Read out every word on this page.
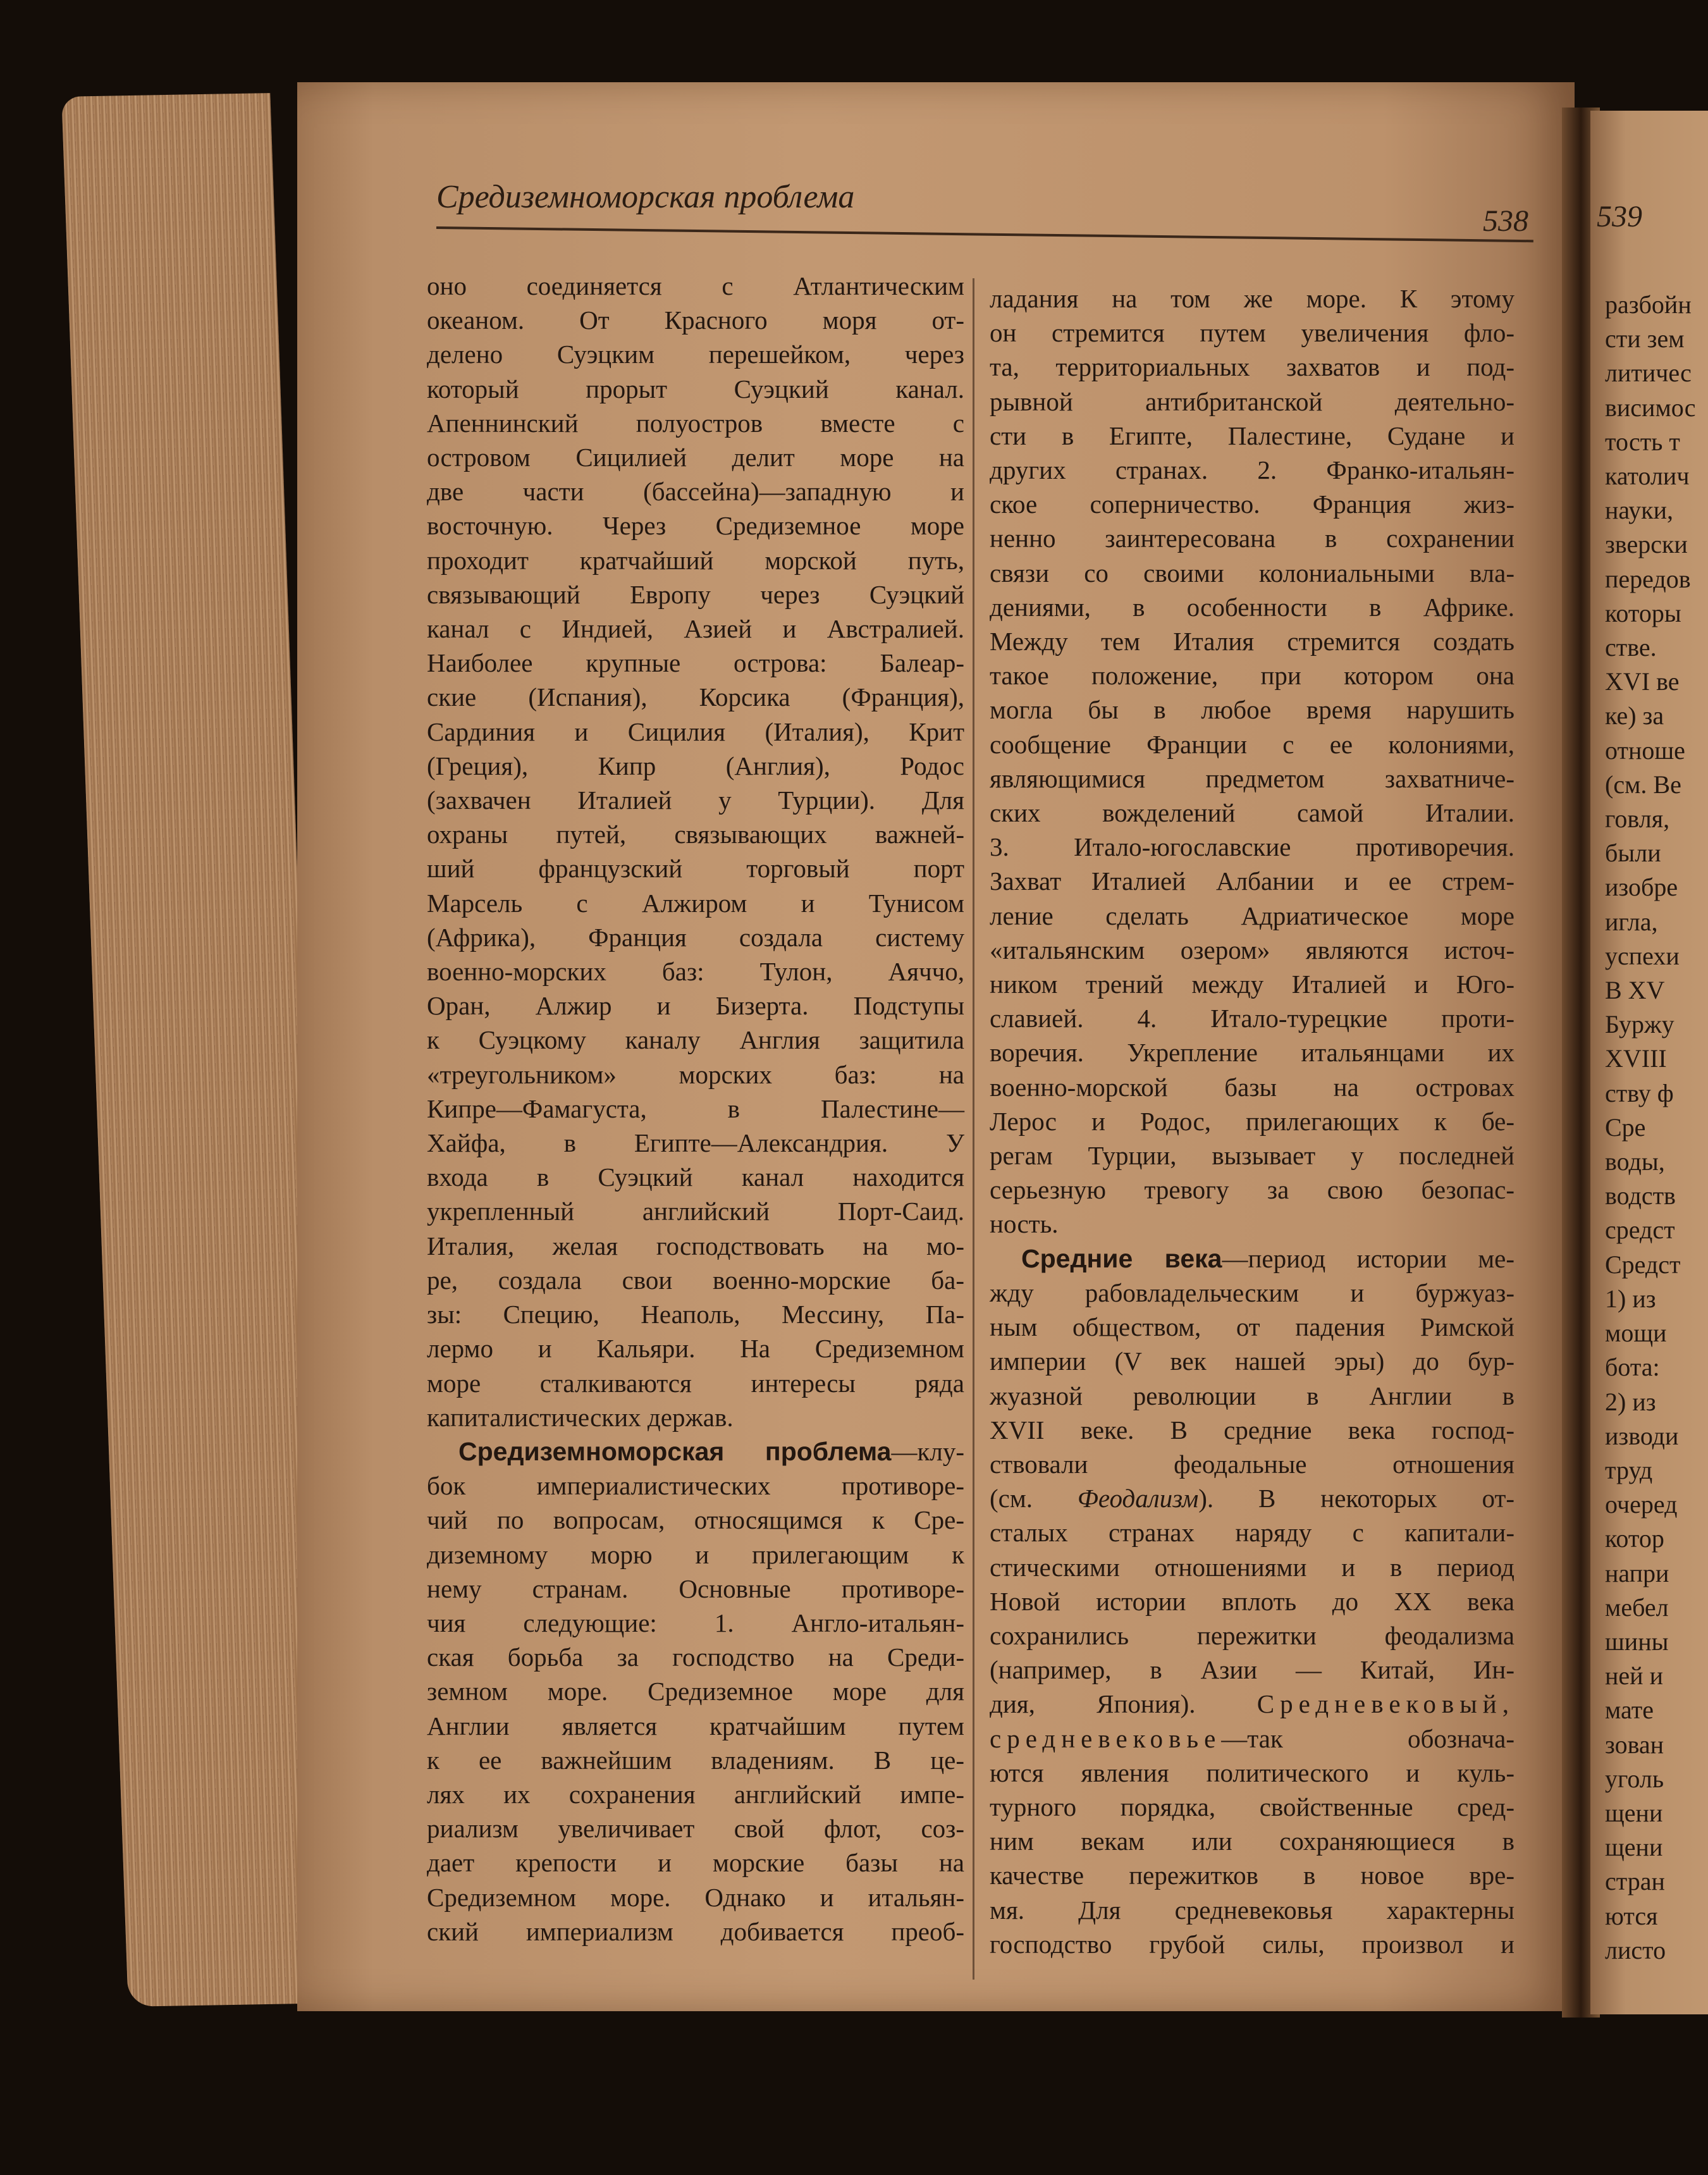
539
Средиземноморская проблема
538
оно соединяется с Атлантическим
океаном. От Красного моря от-
делено Суэцким перешейком, через
который прорыт Суэцкий канал.
Апеннинский полуостров вместе с
островом Сицилией делит море на
две части (бассейна)—западную и
восточную. Через Средиземное море
проходит кратчайший морской путь,
связывающий Европу через Суэцкий
канал с Индией, Азией и Австралией.
Наиболее крупные острова: Балеар-
ские (Испания), Корсика (Франция),
Сардиния и Сицилия (Италия), Крит
(Греция), Кипр (Англия), Родос
(захвачен Италией у Турции). Для
охраны путей, связывающих важней-
ший французский торговый порт
Марсель с Алжиром и Тунисом
(Африка), Франция создала систему
военно-морских баз: Тулон, Аяччо,
Оран, Алжир и Бизерта. Подступы
к Суэцкому каналу Англия защитила
«треугольником» морских баз: на
Кипре—Фамагуста, в Палестине—
Хайфа, в Египте—Александрия. У
входа в Суэцкий канал находится
укрепленный английский Порт-Саид.
Италия, желая господствовать на мо-
ре, создала свои военно-морские ба-
зы: Специю, Неаполь, Мессину, Па-
лермо и Кальяри. На Средиземном
море сталкиваются интересы ряда
капиталистических держав.
Средиземноморская проблема—клу-
бок империалистических противоре-
чий по вопросам, относящимся к Сре-
диземному морю и прилегающим к
нему странам. Основные противоре-
чия следующие: 1. Англо-итальян-
ская борьба за господство на Среди-
земном море. Средиземное море для
Англии является кратчайшим путем
к ее важнейшим владениям. В це-
лях их сохранения английский импе-
риализм увеличивает свой флот, соз-
дает крепости и морские базы на
Средиземном море. Однако и итальян-
ский империализм добивается преоб-
ладания на том же море. К этому
он стремится путем увеличения фло-
та, территориальных захватов и под-
рывной антибританской деятельно-
сти в Египте, Палестине, Судане и
других странах. 2. Франко-итальян-
ское соперничество. Франция жиз-
ненно заинтересована в сохранении
связи со своими колониальными вла-
дениями, в особенности в Африке.
Между тем Италия стремится создать
такое положение, при котором она
могла бы в любое время нарушить
сообщение Франции с ее колониями,
являющимися предметом захватниче-
ских вожделений самой Италии.
3. Итало-югославские противоречия.
Захват Италией Албании и ее стрем-
ление сделать Адриатическое море
«итальянским озером» являются источ-
ником трений между Италией и Юго-
славией. 4. Итало-турецкие проти-
воречия. Укрепление итальянцами их
военно-морской базы на островах
Лерос и Родос, прилегающих к бе-
регам Турции, вызывает у последней
серьезную тревогу за свою безопас-
ность.
Средние века—период истории ме-
жду рабовладельческим и буржуаз-
ным обществом, от падения Римской
империи (V век нашей эры) до бур-
жуазной революции в Англии в
XVII веке. В средние века господ-
ствовали феодальные отношения
(см. Феодализм). В некоторых от-
сталых странах наряду с капитали-
стическими отношениями и в период
Новой истории вплоть до XX века
сохранились пережитки феодализма
(например, в Азии — Китай, Ин-
дия, Япония). Средневековый,
средневековье—так обознача-
ются явления политического и куль-
турного порядка, свойственные сред-
ним векам или сохраняющиеся в
качестве пережитков в новое вре-
мя. Для средневековья характерны
господство грубой силы, произвол и
разбойн
сти зем
литичес
висимос
тость т
католич
науки,
зверски
передов
которы
стве.
XVI ве
ке) за
отноше
(см. Ве
говля,
были
изобре
игла,
успехи
В XV
Буржу
XVIII
ству ф
Сре
воды,
водств
средст
Средст
1) из
мощи
бота:
2) из
изводи
труд
очеред
котор
напри
мебел
шины
ней и
мате
зован
уголь
щени
щени
стран
ются
листо
